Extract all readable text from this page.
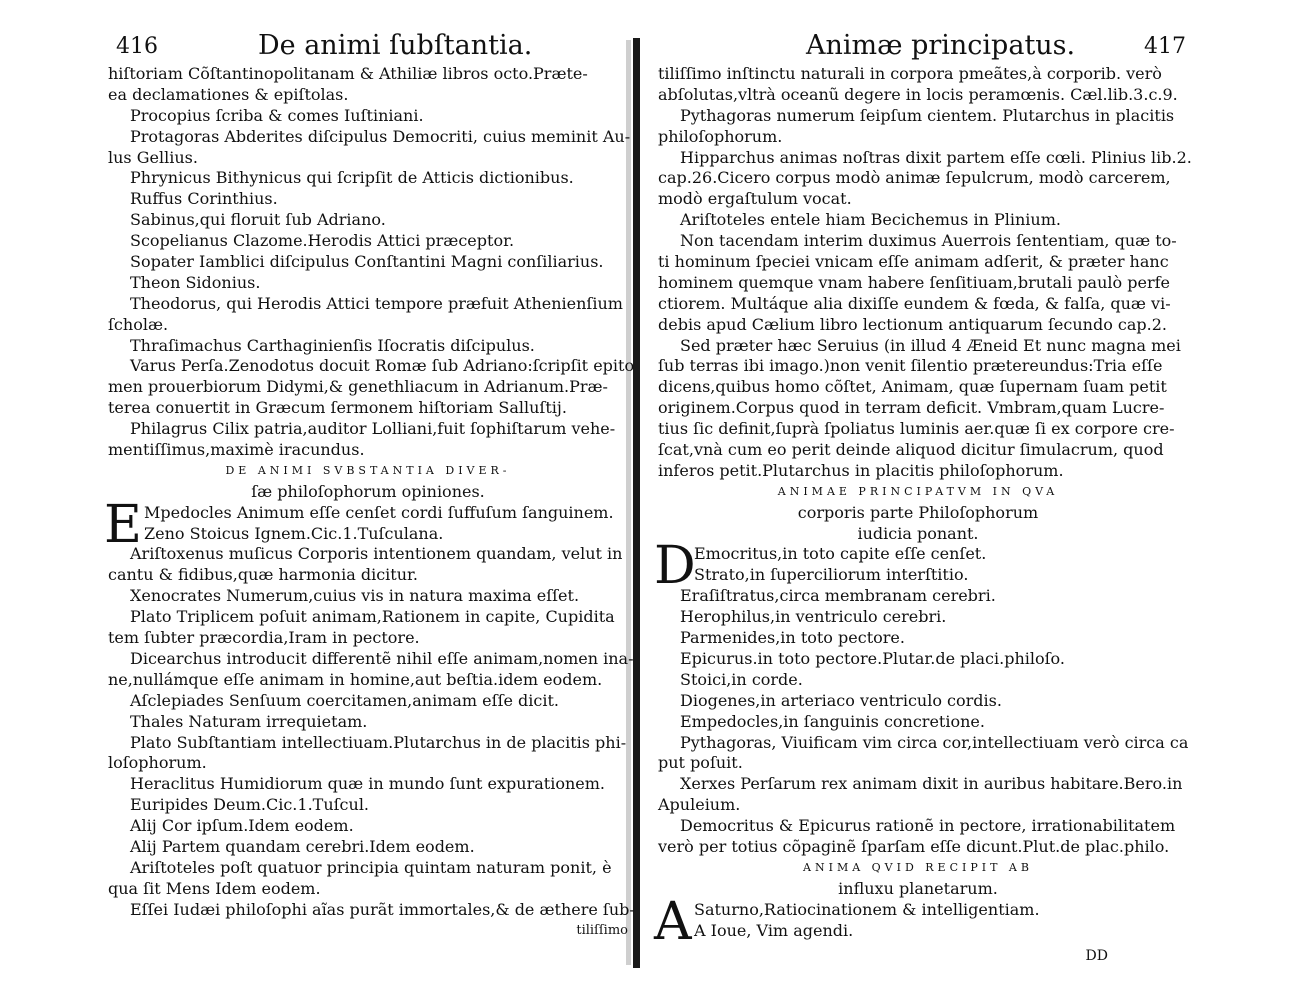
416	De animi ſubſtantia.
hiſtoriam Cõſtantinopolitanam & Athiliæ libros octo.Præte-
ea declamationes & epiſtolas.
Procopius ſcriba & comes Iuſtiniani.
Protagoras Abderites diſcipulus Democriti, cuius meminit Au-
lus Gellius.
Phrynicus Bithynicus qui ſcripſit de Atticis dictionibus.
Ruffus Corinthius.
Sabinus,qui floruit ſub Adriano.
Scopelianus Clazome.Herodis Attici præceptor.
Sopater Iamblici diſcipulus Conſtantini Magni conſiliarius.
Theon Sidonius.
Theodorus, qui Herodis Attici tempore præfuit Athenienſium
ſcholæ.
Thraſimachus Carthaginienſis Iſocratis diſcipulus.
Varus Perſa.Zenodotus docuit Romæ ſub Adriano:ſcripſit epito
men prouerbiorum Didymi,& genethliacum in Adrianum.Præ-
terea conuertit in Græcum ſermonem hiſtoriam Salluſtij.
Philagrus Cilix patria,auditor Lolliani,fuit ſophiſtarum vehe-
mentiſſimus,maximè iracundus.
DE ANIMI SVBSTANTIA DIVER-
ſæ philoſophorum opiniones.
E Mpedocles Animum eſſe cenſet cordi ſuffuſum ſanguinem.
Zeno Stoicus Ignem.Cic.1.Tuſculana.
Ariſtoxenus muſicus Corporis intentionem quandam, velut in
cantu & fidibus,quæ harmonia dicitur.
Xenocrates Numerum,cuius vis in natura maxima eſſet.
Plato Triplicem poſuit animam,Rationem in capite, Cupidita
tem ſubter præcordia,Iram in pectore.
Dicearchus introducit differentẽ nihil eſſe animam,nomen ina-
ne,nullámque eſſe animam in homine,aut beſtia.idem eodem.
Aſclepiades Senſuum coercitamen,animam eſſe dicit.
Thales Naturam irrequietam.
Plato Subſtantiam intellectiuam.Plutarchus in de placitis phi-
loſophorum.
Heraclitus Humidiorum quæ in mundo ſunt expurationem.
Euripides Deum.Cic.1.Tuſcul.
Alij Cor ipſum.Idem eodem.
Alij Partem quandam cerebri.Idem eodem.
Ariſtoteles poſt quatuor principia quintam naturam ponit, è
qua ſit Mens Idem eodem.
Eſſei Iudæi philoſophi aĩas purãt immortales,& de æthere ſub-
tiliſſimo
Animæ principatus.	417
tiliſſimo inſtinctu naturali in corpora pmeãtes,à corporib. verò
abſolutas,vltrà oceanũ degere in locis peramœnis. Cæl.lib.3.c.9.
Pythagoras numerum ſeipſum cientem. Plutarchus in placitis
philoſophorum.
Hipparchus animas noſtras dixit partem eſſe cœli. Plinius lib.2.
cap.26.Cicero corpus modò animæ ſepulcrum, modò carcerem,
modò ergaſtulum vocat.
Ariſtoteles entele hiam Becichemus in Plinium.
Non tacendam interim duximus Auerrois ſententiam, quæ to-
ti hominum ſpeciei vnicam eſſe animam adſerit, & præter hanc
hominem quemque vnam habere ſenſitiuam,brutali paulò perfe
ctiorem. Multáque alia dixiſſe eundem & fœda, & falſa, quæ vi-
debis apud Cælium libro lectionum antiquarum ſecundo cap.2.
Sed præter hæc Seruius (in illud 4 Æneid Et nunc magna mei
ſub terras ibi imago.)non venit ſilentio prætereundus:Tria eſſe
dicens,quibus homo cõſtet, Animam, quæ ſupernam ſuam petit
originem.Corpus quod in terram deficit. Vmbram,quam Lucre-
tius ſic definit,ſuprà ſpoliatus luminis aer.quæ ſi ex corpore cre-
ſcat,vnà cum eo perit deinde aliquod dicitur ſimulacrum, quod
inferos petit.Plutarchus in placitis philoſophorum.
ANIMAE PRINCIPATVM IN QVA
corporis parte Philoſophorum
iudicia ponant.
D
Emocritus,in toto capite eſſe cenſet.
Strato,in ſuperciliorum interſtitio.
Eraſiſtratus,circa membranam cerebri.
Herophilus,in ventriculo cerebri.
Parmenides,in toto pectore.
Epicurus.in toto pectore.Plutar.de placi.philoſo.
Stoici,in corde.
Diogenes,in arteriaco ventriculo cordis.
Empedocles,in ſanguinis concretione.
Pythagoras, Viuificam vim circa cor,intellectiuam verò circa ca
put poſuit.
Xerxes Perſarum rex animam dixit in auribus habitare.Bero.in
Apuleium.
Democritus & Epicurus rationẽ in pectore, irrationabilitatem
verò per totius cõpaginẽ ſparſam eſſe dicunt.Plut.de plac.philo.
ANIMA QVID RECIPIT AB
influxu planetarum.
A Saturno,Ratiocinationem & intelligentiam.
A Ioue, Vim agendi.
DD
